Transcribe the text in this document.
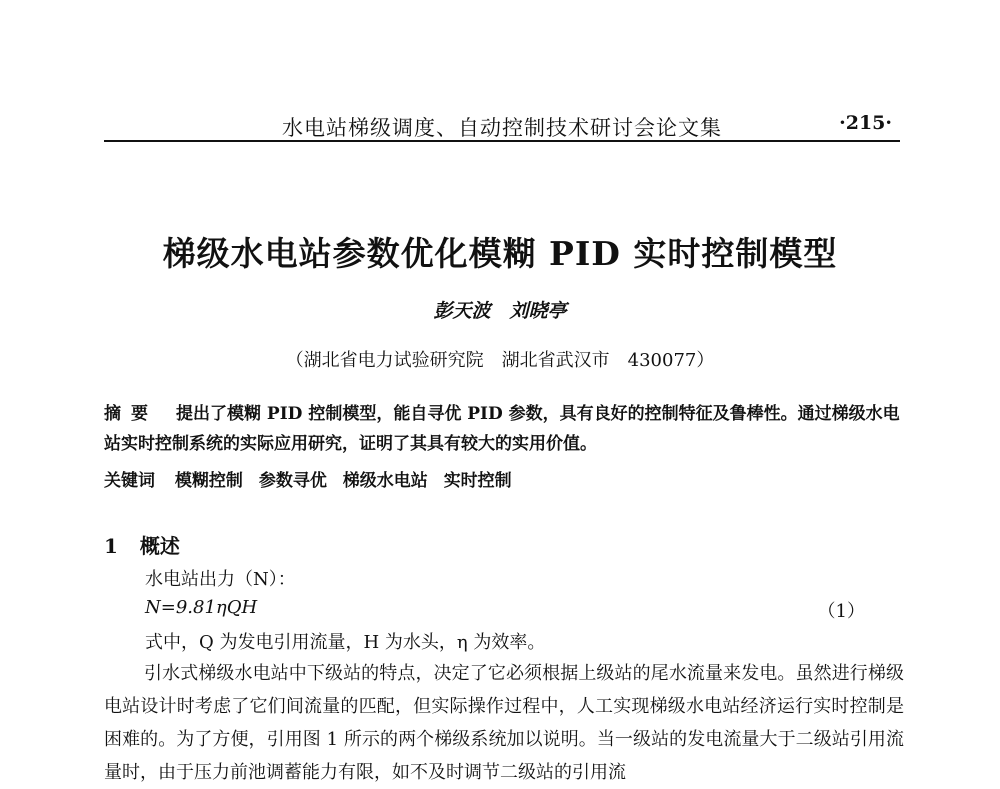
水电站梯级调度、自动控制技术研讨会论文集	·215·
梯级水电站参数优化模糊 PID 实时控制模型
彭天波　刘晓亭
（湖北省电力试验研究院　湖北省武汉市　430077）
摘要 提出了模糊 PID 控制模型，能自寻优 PID 参数，具有良好的控制特征及鲁棒性。通过梯级水电站实时控制系统的实际应用研究，证明了其具有较大的实用价值。
关键词 模糊控制 参数寻优 梯级水电站 实时控制
1 概述
水电站出力（N）：
N=9.81ηQH	（1）
式中，Q 为发电引用流量，H 为水头，η 为效率。
引水式梯级水电站中下级站的特点，决定了它必须根据上级站的尾水流量来发电。虽然进行梯级电站设计时考虑了它们间流量的匹配，但实际操作过程中，人工实现梯级水电站经济运行实时控制是困难的。为了方便，引用图 1 所示的两个梯级系统加以说明。当一级站的发电流量大于二级站引用流量时，由于压力前池调蓄能力有限，如不及时调节二级站的引用流
